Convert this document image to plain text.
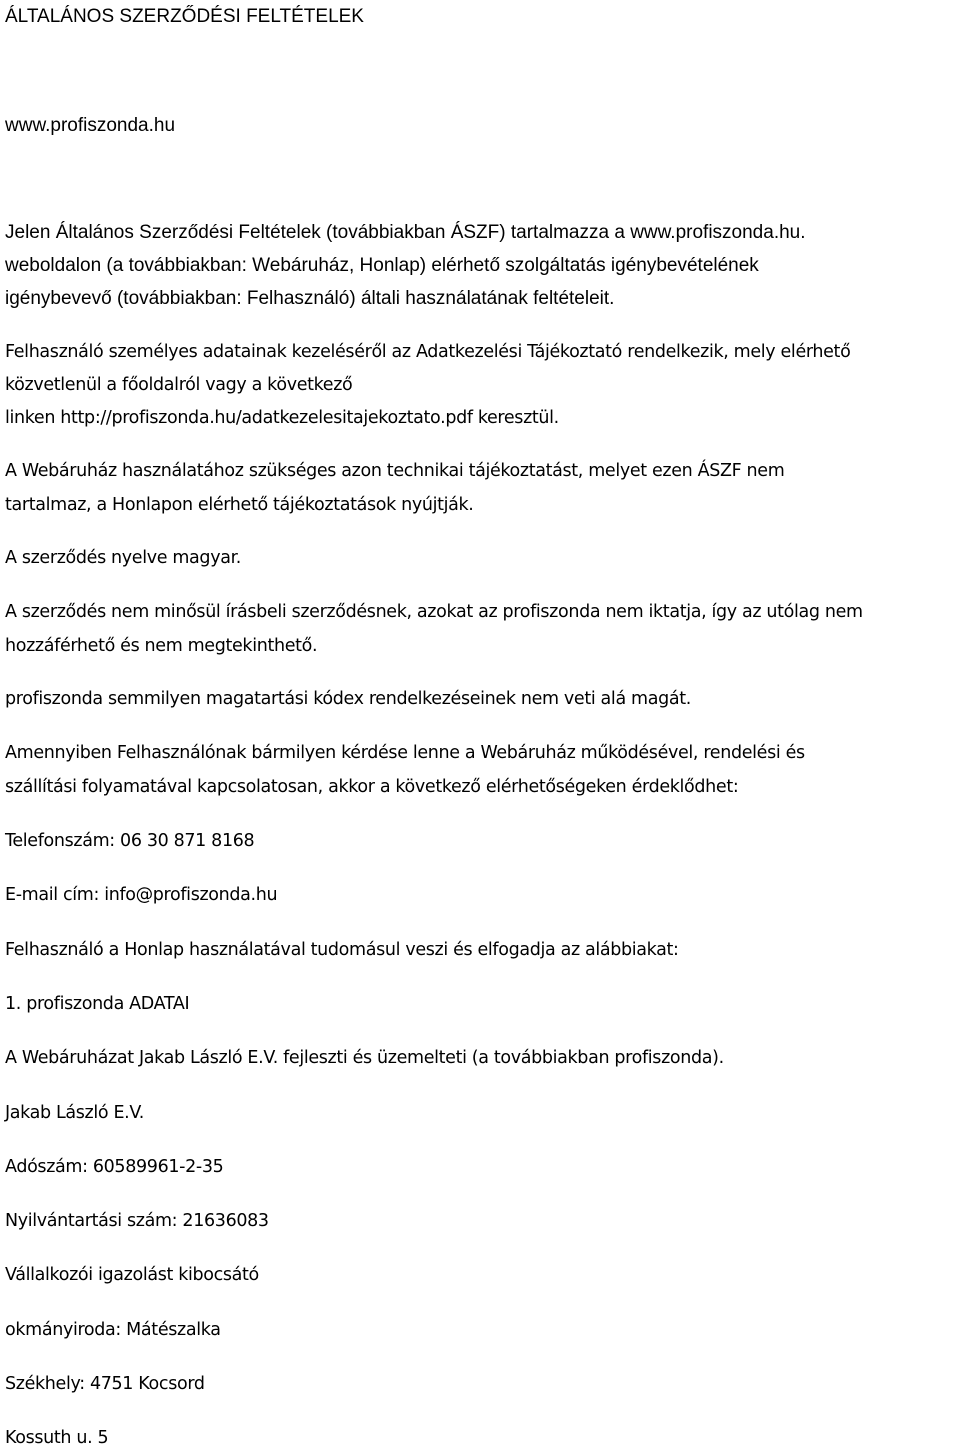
ÁLTALÁNOS SZERZŐDÉSI FELTÉTELEK

www.profiszonda.hu

Jelen Általános Szerződési Feltételek (továbbiakban ÁSZF) tartalmazza a www.profiszonda.hu.

weboldalon (a továbbiakban: Webáruház, Honlap) elérhető szolgáltatás igénybevételének

igénybevevő (továbbiakban: Felhasználó) általi használatának feltételeit.

Felhasználó személyes adatainak kezeléséről az Adatkezelési Tájékoztató rendelkezik, mely elérhető

közvetlenül a főoldalról vagy a következő

linken http://profiszonda.hu/adatkezelesitajekoztato.pdf keresztül.

A Webáruház használatához szükséges azon technikai tájékoztatást, melyet ezen ÁSZF nem

tartalmaz, a Honlapon elérhető tájékoztatások nyújtják.

A szerződés nyelve magyar.

A szerződés nem minősül írásbeli szerződésnek, azokat az profiszonda nem iktatja, így az utólag nem

hozzáférhető és nem megtekinthető.

profiszonda semmilyen magatartási kódex rendelkezéseinek nem veti alá magát.

Amennyiben Felhasználónak bármilyen kérdése lenne a Webáruház működésével, rendelési és

szállítási folyamatával kapcsolatosan, akkor a következő elérhetőségeken érdeklődhet:

Telefonszám: 06 30 871 8168

E-mail cím: info@profiszonda.hu

Felhasználó a Honlap használatával tudomásul veszi és elfogadja az alábbiakat:

1. profiszonda ADATAI

A Webáruházat Jakab László E.V. fejleszti és üzemelteti (a továbbiakban profiszonda).

Jakab László E.V.

Adószám: 60589961-2-35

Nyilvántartási szám: 21636083

Vállalkozói igazolást kibocsátó

okmányiroda: Mátészalka

Székhely: 4751 Kocsord

Kossuth u. 5
